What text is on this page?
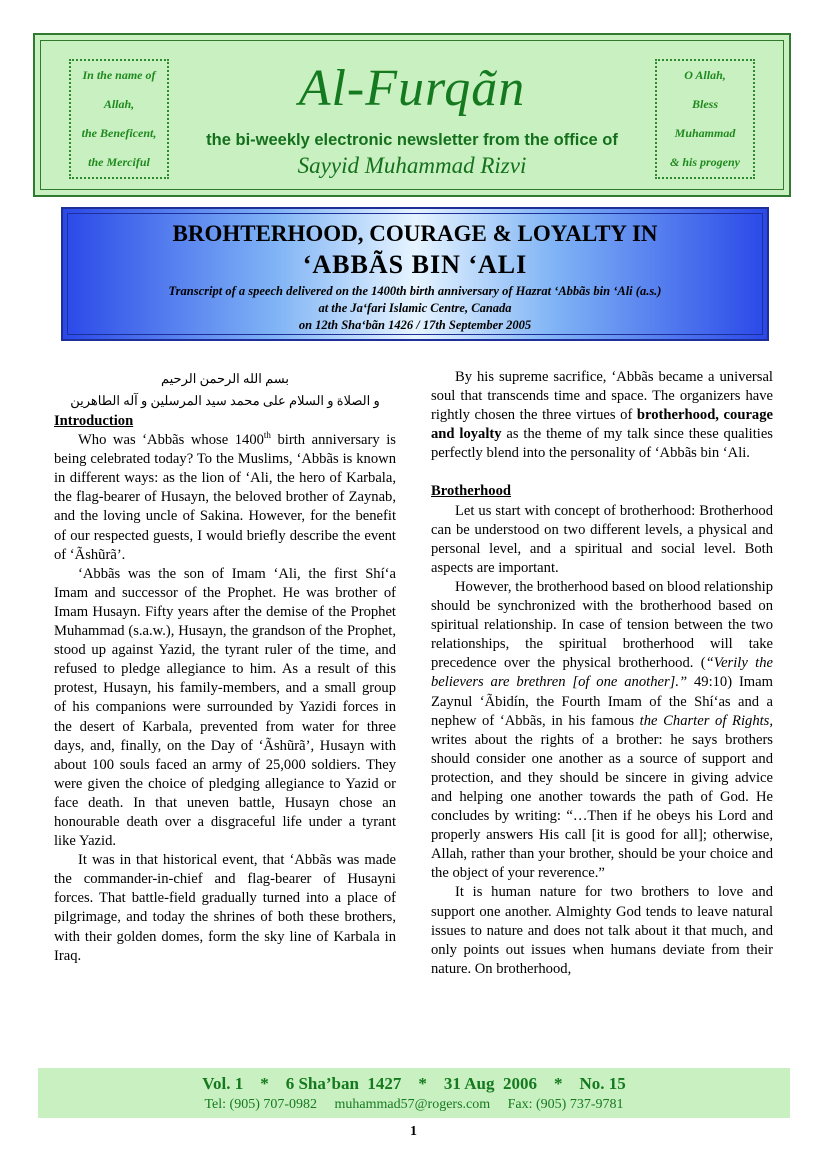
In the name of
Allah,
the Beneficent,
the Merciful
Al-Furqãn
the bi-weekly electronic newsletter from the office of
Sayyid Muhammad Rizvi
O Allah,
Bless
Muhammad
& his progeny
BROHTERHOOD, COURAGE & LOYALTY IN
‘ABBÃS BIN ‘ALI
Transcript of a speech delivered on the 1400th birth anniversary of Hazrat ‘Abbãs bin ‘Ali (a.s.)
at the Ja‘fari Islamic Centre, Canada
on 12th Sha‘bãn 1426 / 17th September 2005
بسم الله الرحمن الرحيم
و الصلاة و السلام على محمد سيد المرسلين و آله الطاهرين
Introduction

Who was ‘Abbãs whose 1400th birth anniversary is being celebrated today? To the Muslims, ‘Abbãs is known in different ways: as the lion of ‘Ali, the hero of Karbala, the flag-bearer of Husayn, the beloved brother of Zaynab, and the loving uncle of Sakina. However, for the benefit of our respected guests, I would briefly describe the event of ‘Ãshũrã’.

‘Abbãs was the son of Imam ‘Ali, the first Shí‘a Imam and successor of the Prophet. He was brother of Imam Husayn. Fifty years after the demise of the Prophet Muhammad (s.a.w.), Husayn, the grandson of the Prophet, stood up against Yazid, the tyrant ruler of the time, and refused to pledge allegiance to him. As a result of this protest, Husayn, his family-members, and a small group of his companions were surrounded by Yazidi forces in the desert of Karbala, prevented from water for three days, and, finally, on the Day of ‘Ãshũrã’, Husayn with about 100 souls faced an army of 25,000 soldiers. They were given the choice of pledging allegiance to Yazid or face death. In that uneven battle, Husayn chose an honourable death over a disgraceful life under a tyrant like Yazid.

It was in that historical event, that ‘Abbãs was made the commander-in-chief and flag-bearer of Husayni forces. That battle-field gradually turned into a place of pilgrimage, and today the shrines of both these brothers, with their golden domes, form the sky line of Karbala in Iraq.

By his supreme sacrifice, ‘Abbãs became a universal soul that transcends time and space. The organizers have rightly chosen the three virtues of brotherhood, courage and loyalty as the theme of my talk since these qualities perfectly blend into the personality of ‘Abbãs bin ‘Ali.

Brotherhood

Let us start with concept of brotherhood: Brotherhood can be understood on two different levels, a physical and personal level, and a spiritual and social level. Both aspects are important.

However, the brotherhood based on blood relationship should be synchronized with the brotherhood based on spiritual relationship. In case of tension between the two relationships, the spiritual brotherhood will take precedence over the physical brotherhood. (“Verily the believers are brethren [of one another].” 49:10) Imam Zaynul ‘Ãbidín, the Fourth Imam of the Shí‘as and a nephew of ‘Abbãs, in his famous the Charter of Rights, writes about the rights of a brother: he says brothers should consider one another as a source of support and protection, and they should be sincere in giving advice and helping one another towards the path of God. He concludes by writing: “…Then if he obeys his Lord and properly answers His call [it is good for all]; otherwise, Allah, rather than your brother, should be your choice and the object of your reverence.”

It is human nature for two brothers to love and support one another. Almighty God tends to leave natural issues to nature and does not talk about it that much, and only points out issues when humans deviate from their nature. On brotherhood,

Vol. 1    *    6 Sha’ban  1427    *    31 Aug  2006    *    No. 15
Tel: (905) 707-0982     muhammad57@rogers.com     Fax: (905) 737-9781
1
